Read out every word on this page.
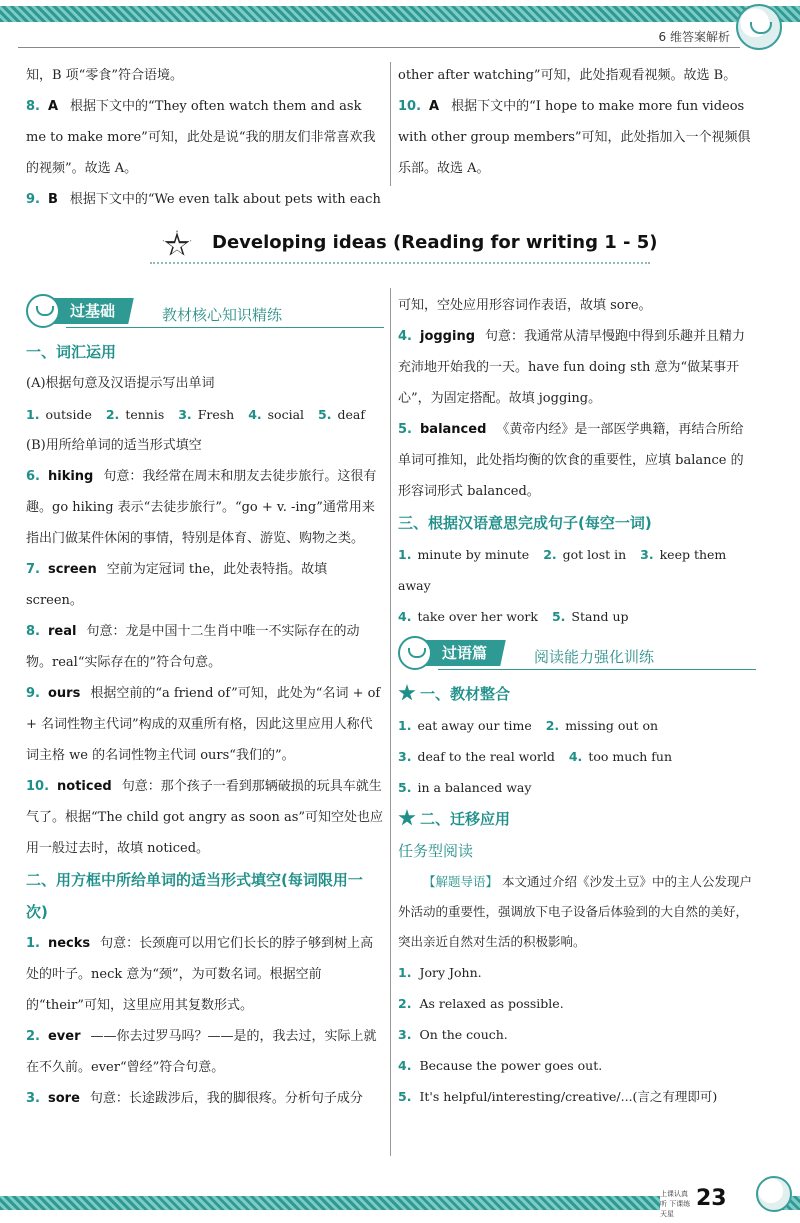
6 维答案解析
知，B 项“零食”符合语境。
8. A 根据下文中的“They often watch them and ask me to make more”可知，此处是说“我的朋友们非常喜欢我的视频”。故选 A。
9. B 根据下文中的“We even talk about pets with each
other after watching”可知，此处指观看视频。故选 B。
10. A 根据下文中的“I hope to make more fun videos with other group members”可知，此处指加入一个视频俱乐部。故选 A。
Developing ideas (Reading for writing 1 - 5)
过基础	教材核心知识精练
一、词汇运用
(A)根据句意及汉语提示写出单词
1. outside 2. tennis 3. Fresh 4. social 5. deaf
(B)用所给单词的适当形式填空
6. hiking 句意：我经常在周末和朋友去徒步旅行。这很有趣。go hiking 表示“去徒步旅行”。“go + v. -ing”通常用来指出门做某件休闲的事情，特别是体育、游览、购物之类。
7. screen 空前为定冠词 the，此处表特指。故填 screen。
8. real 句意：龙是中国十二生肖中唯一不实际存在的动物。real“实际存在的”符合句意。
9. ours 根据空前的“a friend of”可知，此处为“名词 + of + 名词性物主代词”构成的双重所有格，因此这里应用人称代词主格 we 的名词性物主代词 ours“我们的”。
10. noticed 句意：那个孩子一看到那辆破损的玩具车就生气了。根据“The child got angry as soon as”可知空处也应用一般过去时，故填 noticed。
二、用方框中所给单词的适当形式填空(每词限用一次)
1. necks 句意：长颈鹿可以用它们长长的脖子够到树上高处的叶子。neck 意为“颈”，为可数名词。根据空前的“their”可知，这里应用其复数形式。
2. ever ——你去过罗马吗？——是的，我去过，实际上就在不久前。ever“曾经”符合句意。
3. sore 句意：长途跋涉后，我的脚很疼。分析句子成分
可知，空处应用形容词作表语，故填 sore。
4. jogging 句意：我通常从清早慢跑中得到乐趣并且精力充沛地开始我的一天。have fun doing sth 意为“做某事开心”，为固定搭配。故填 jogging。
5. balanced 《黄帝内经》是一部医学典籍，再结合所给单词可推知，此处指均衡的饮食的重要性，应填 balance 的形容词形式 balanced。
三、根据汉语意思完成句子(每空一词)
1. minute by minute 2. got lost in 3. keep them away
4. take over her work 5. Stand up
过语篇	阅读能力强化训练
一、教材整合
1. eat away our time 2. missing out on
3. deaf to the real world 4. too much fun
5. in a balanced way
二、迁移应用
任务型阅读
【解题导语】 本文通过介绍《沙发土豆》中的主人公发现户外活动的重要性，强调放下电子设备后体验到的大自然的美好，突出亲近自然对生活的积极影响。
1. Jory John.
2. As relaxed as possible.
3. On the couch.
4. Because the power goes out.
5. It's helpful/interesting/creative/...(言之有理即可)
上课认真听 下课练天星
23
